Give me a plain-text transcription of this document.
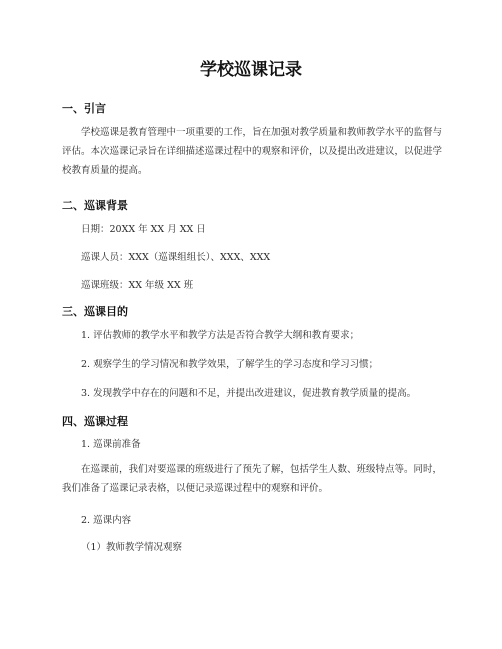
学校巡课记录
一、引言
学校巡课是教育管理中一项重要的工作，旨在加强对教学质量和教师教学水平的监督与评估。本次巡课记录旨在详细描述巡课过程中的观察和评价，以及提出改进建议，以促进学校教育质量的提高。
二、巡课背景
日期：20XX 年 XX 月 XX 日
巡课人员：XXX（巡课组组长）、XXX、XXX
巡课班级：XX 年级 XX 班
三、巡课目的
1. 评估教师的教学水平和教学方法是否符合教学大纲和教育要求；
2. 观察学生的学习情况和教学效果，了解学生的学习态度和学习习惯；
3. 发现教学中存在的问题和不足，并提出改进建议，促进教育教学质量的提高。
四、巡课过程
1. 巡课前准备
在巡课前，我们对要巡课的班级进行了预先了解，包括学生人数、班级特点等。同时，我们准备了巡课记录表格，以便记录巡课过程中的观察和评价。
2. 巡课内容
（1）教师教学情况观察
